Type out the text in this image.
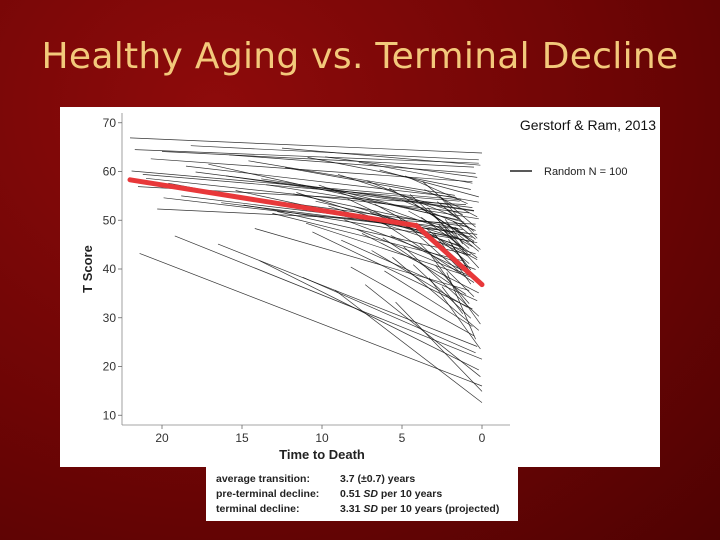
Healthy Aging vs. Terminal Decline
10
20
30
40
50
60
70
20	15	10	5	0
Time to Death
T Score
Random N = 100
Gerstorf & Ram, 2013
average transition:	3.7 (±0.7) years
pre-terminal decline: 0.51 SD per 10 years
terminal decline:	3.31 SD per 10 years (projected)
